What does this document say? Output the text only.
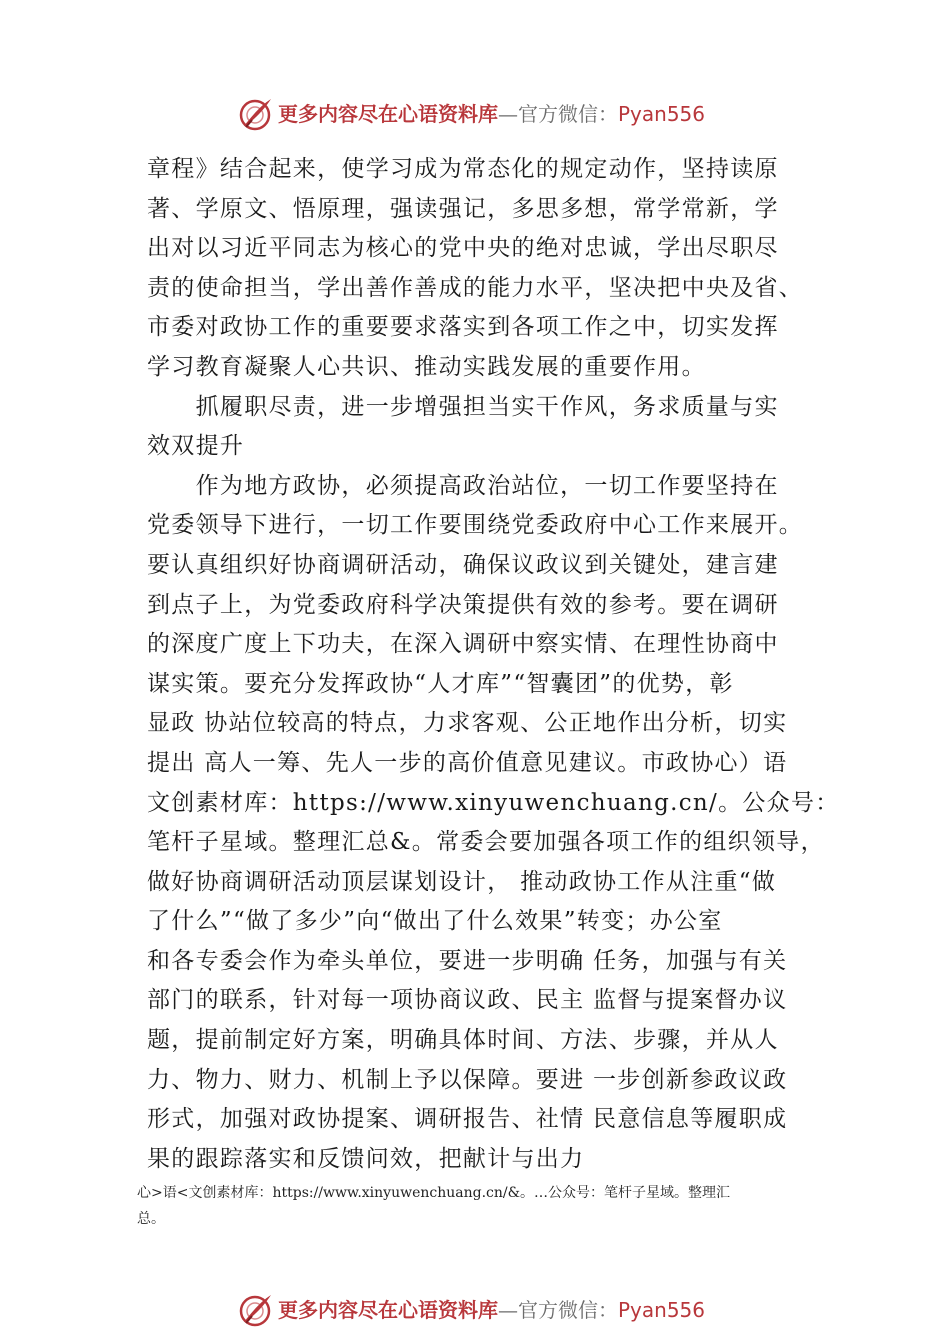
更多内容尽在心语资料库—官方微信：Pyan556
章程》结合起来，使学习成为常态化的规定动作，坚持读原
著、学原文、悟原理，强读强记，多思多想，常学常新，学
出对以习近平同志为核心的党中央的绝对忠诚，学出尽职尽
责的使命担当，学出善作善成的能力水平，坚决把中央及省、
市委对政协工作的重要要求落实到各项工作之中，切实发挥
学习教育凝聚人心共识、推动实践发展的重要作用。
　　抓履职尽责，进一步增强担当实干作风，务求质量与实
效双提升
　　作为地方政协，必须提高政治站位，一切工作要坚持在
党委领导下进行，一切工作要围绕党委政府中心工作来展开。
要认真组织好协商调研活动，确保议政议到关键处，建言建
到点子上，为党委政府科学决策提供有效的参考。要在调研
的深度广度上下功夫，在深入调研中察实情、在理性协商中
谋实策。要充分发挥政协“人才库”“智囊团”的优势，彰
显政 协站位较高的特点，力求客观、公正地作出分析，切实
提出 高人一筹、先人一步的高价值意见建议。市政协心）语
文创素材库：https://www.xinyuwenchuang.cn/。公众号：
笔杆子星域。整理汇总&。常委会要加强各项工作的组织领导，
做好协商调研活动顶层谋划设计， 推动政协工作从注重“做
了什么”“做了多少”向“做出了什么效果”转变；办公室
和各专委会作为牵头单位，要进一步明确 任务，加强与有关
部门的联系，针对每一项协商议政、民主 监督与提案督办议
题，提前制定好方案，明确具体时间、方法、步骤，并从人
力、物力、财力、机制上予以保障。要进 一步创新参政议政
形式，加强对政协提案、调研报告、社情 民意信息等履职成
果的跟踪落实和反馈问效，把献计与出力
心>语<文创素材库：https://www.xinyuwenchuang.cn/&。…公众号：笔杆子星域。整理汇
总。
更多内容尽在心语资料库—官方微信：Pyan556
